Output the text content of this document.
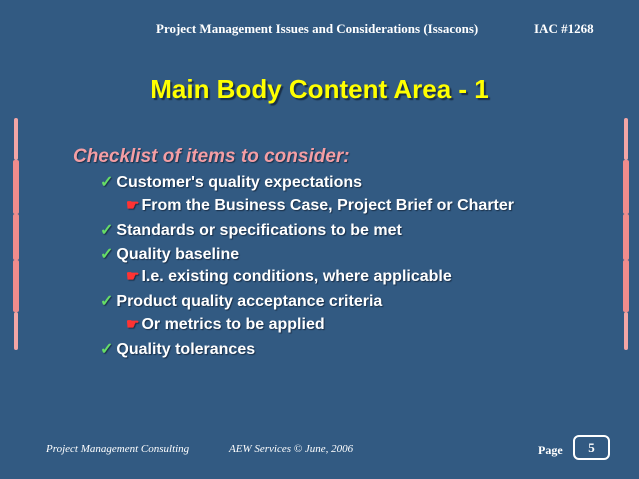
Project Management Issues and Considerations (Issacons)	IAC #1268
Main Body Content Area - 1
Checklist of items to consider:
✓ Customer's quality expectations
☛ From the Business Case, Project Brief or Charter
✓ Standards or specifications to be met
✓ Quality baseline
☛ I.e. existing conditions, where applicable
✓ Product quality acceptance criteria
☛ Or metrics to be applied
✓ Quality tolerances
Project Management Consulting	AEW Services © June, 2006	Page	5
